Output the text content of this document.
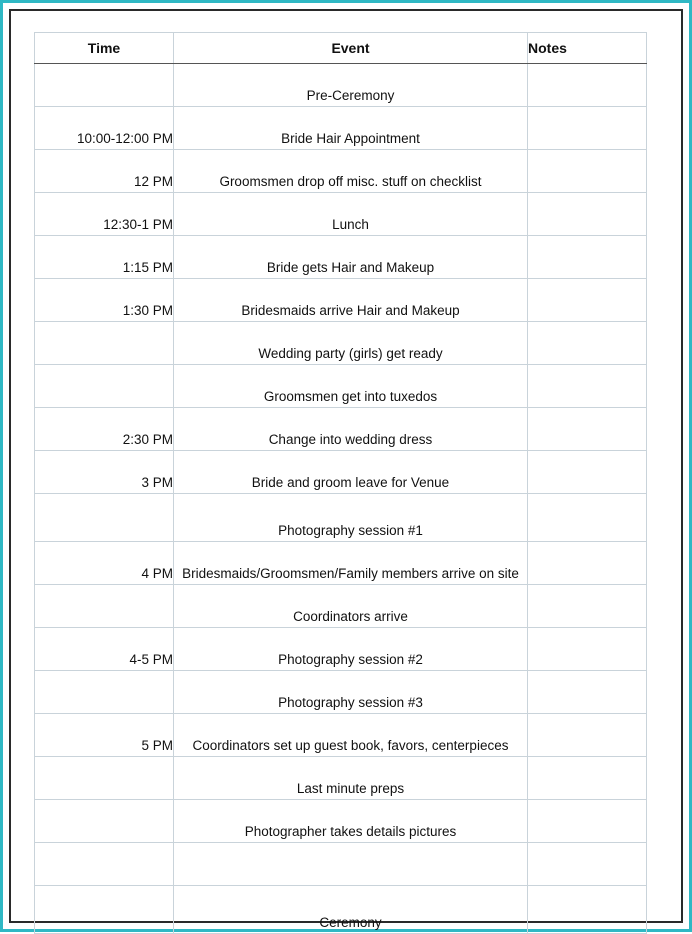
Time	Event	Notes
	Pre-Ceremony	
10:00-12:00 PM	Bride Hair Appointment	
12 PM	Groomsmen drop off misc. stuff on checklist	
12:30-1 PM	Lunch	
1:15 PM	Bride gets Hair and Makeup	
1:30 PM	Bridesmaids arrive Hair and Makeup	
	Wedding party (girls) get ready	
	Groomsmen get into tuxedos	
2:30 PM	Change into wedding dress	
3 PM	Bride and groom leave for Venue	
	Photography session #1	
4 PM	Bridesmaids/Groomsmen/Family members arrive on site	
	Coordinators arrive	
4-5 PM	Photography session #2	
	Photography session #3	
5 PM	Coordinators set up guest book, favors, centerpieces	
	Last minute preps	
	Photographer takes details pictures	

	Ceremony	
